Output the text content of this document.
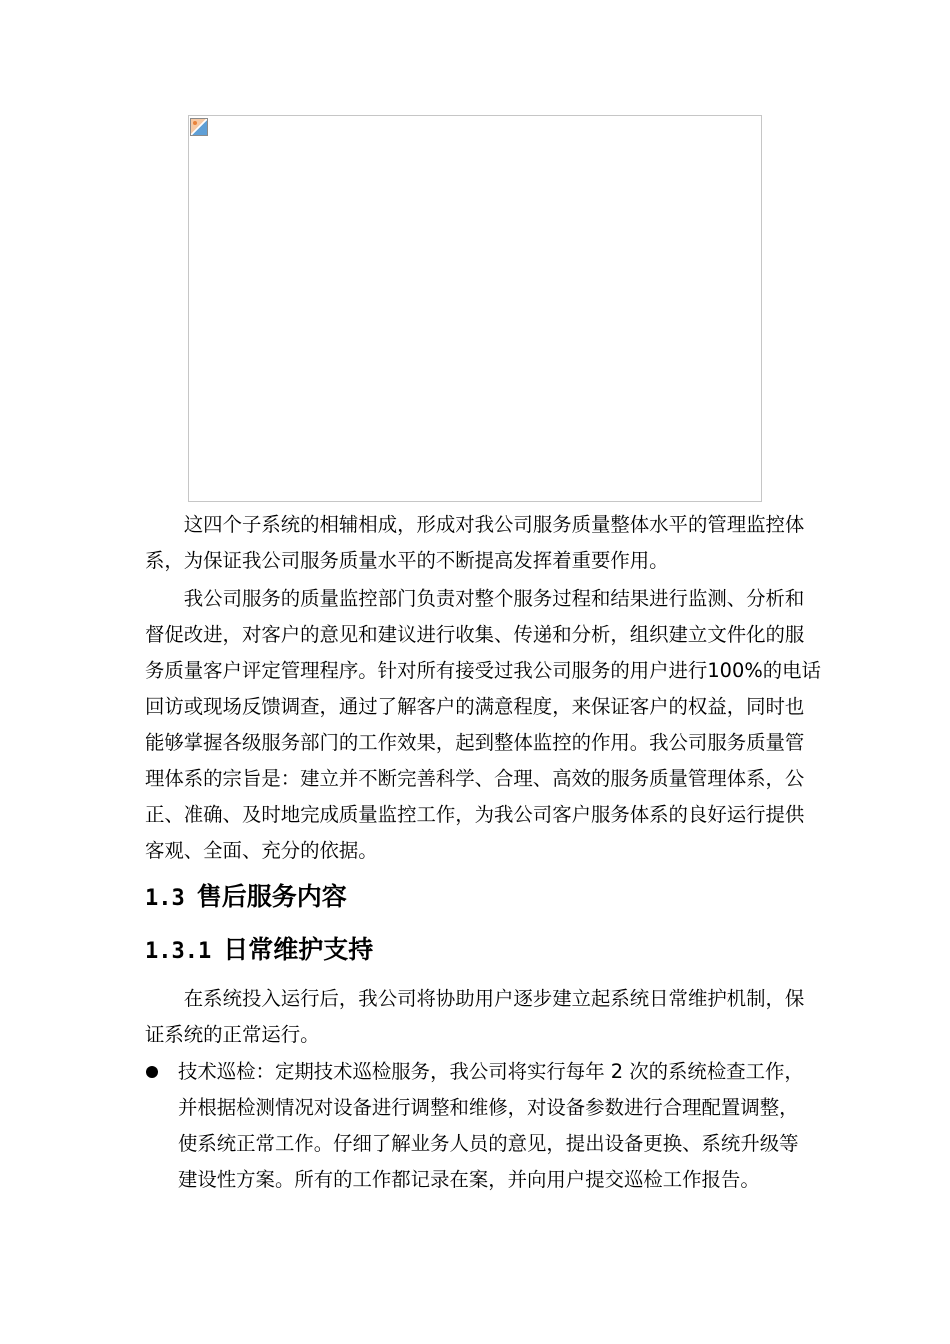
这四个子系统的相辅相成，形成对我公司服务质量整体水平的管理监控体
系，为保证我公司服务质量水平的不断提高发挥着重要作用。
我公司服务的质量监控部门负责对整个服务过程和结果进行监测、分析和
督促改进，对客户的意见和建议进行收集、传递和分析，组织建立文件化的服
务质量客户评定管理程序。针对所有接受过我公司服务的用户进行100%的电话
回访或现场反馈调查，通过了解客户的满意程度，来保证客户的权益，同时也
能够掌握各级服务部门的工作效果，起到整体监控的作用。我公司服务质量管
理体系的宗旨是：建立并不断完善科学、合理、高效的服务质量管理体系，公
正、准确、及时地完成质量监控工作，为我公司客户服务体系的良好运行提供
客观、全面、充分的依据。
1.3 售后服务内容
1.3.1 日常维护支持
在系统投入运行后，我公司将协助用户逐步建立起系统日常维护机制，保
证系统的正常运行。
技术巡检：定期技术巡检服务，我公司将实行每年 2 次的系统检查工作，
并根据检测情况对设备进行调整和维修，对设备参数进行合理配置调整，
使系统正常工作。仔细了解业务人员的意见，提出设备更换、系统升级等
建设性方案。所有的工作都记录在案，并向用户提交巡检工作报告。
